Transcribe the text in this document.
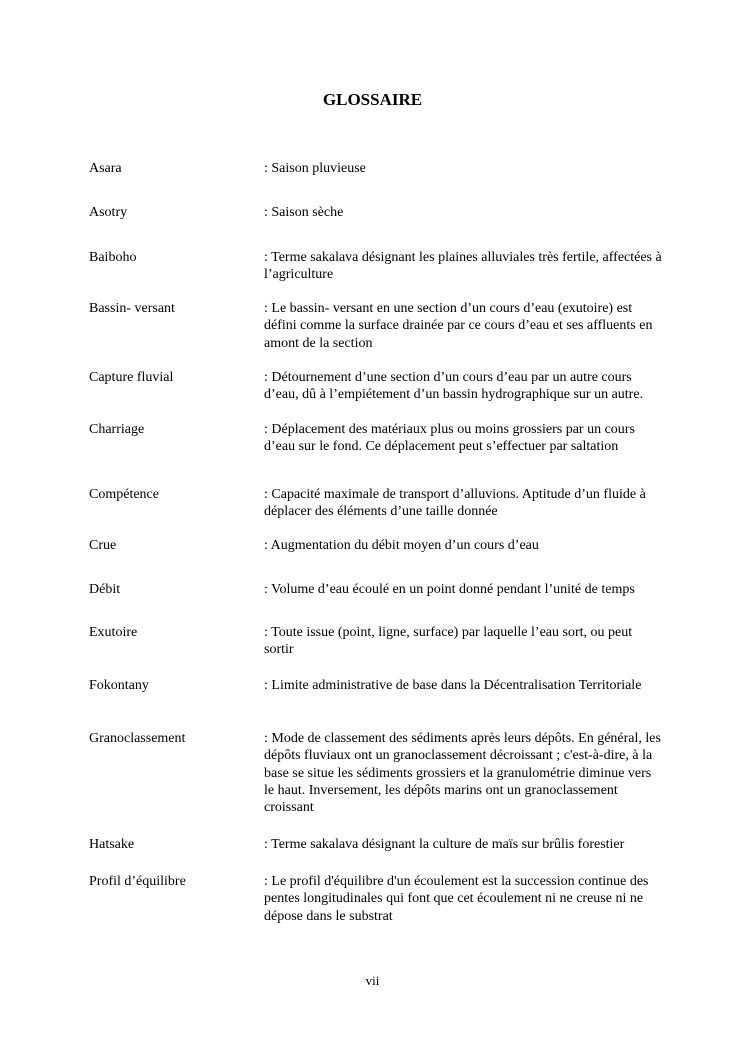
GLOSSAIRE
Asara	: Saison pluvieuse
Asotry	: Saison sèche
Baiboho	: Terme sakalava désignant les plaines alluviales très fertile, affectées à l’agriculture
Bassin- versant	: Le bassin- versant en une section d’un cours d’eau (exutoire) est défini comme la surface drainée par ce cours d’eau et ses affluents en amont de la section
Capture fluvial	: Détournement d’une section d’un cours d’eau par un autre cours d’eau, dû à l’empiétement d’un bassin hydrographique sur un autre.
Charriage	: Déplacement des matériaux plus ou moins grossiers par un cours d’eau sur le fond. Ce déplacement peut s’effectuer par saltation
Compétence	: Capacité maximale de transport d’alluvions. Aptitude d’un fluide à déplacer des éléments d’une taille donnée
Crue	: Augmentation du débit moyen d’un cours d’eau
Débit	: Volume d’eau écoulé en un point donné pendant l’unité de temps
Exutoire	: Toute issue (point, ligne, surface) par laquelle l’eau sort, ou peut sortir
Fokontany	: Limite administrative de base dans la Décentralisation Territoriale
Granoclassement	: Mode de classement des sédiments après leurs dépôts. En général, les dépôts fluviaux ont un granoclassement décroissant ; c'est-à-dire, à la base se situe les sédiments grossiers et la granulométrie diminue vers le haut. Inversement, les dépôts marins ont un granoclassement croissant
Hatsake	: Terme sakalava désignant la culture de maïs sur brûlis forestier
Profil d’équilibre	: Le profil d'équilibre d'un écoulement est la succession continue des pentes longitudinales qui font que cet écoulement ni ne creuse ni ne dépose dans le substrat
vii
